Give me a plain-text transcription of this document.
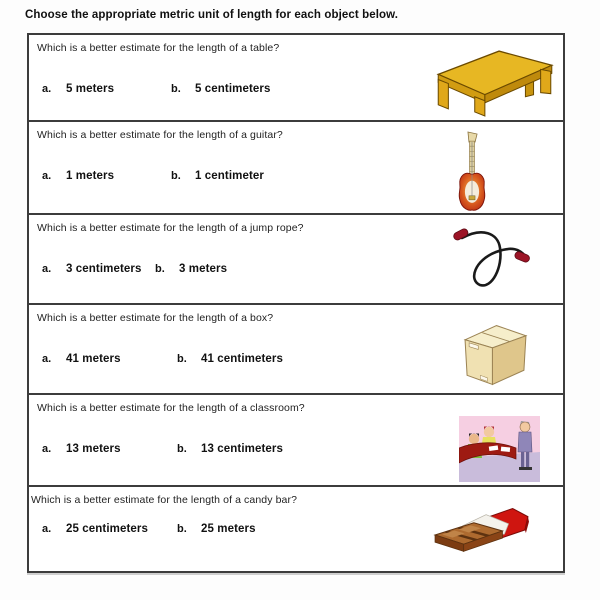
Choose the appropriate metric unit of length for each object below.
Which is a better estimate for the length of a table?
a. 5 meters	b. 5 centimeters
Which is a better estimate for the length of a guitar?
a. 1 meters	b. 1 centimeter
Which is a better estimate for the length of a jump rope?
a. 3 centimeters b. 3 meters
Which is a better estimate for the length of a box?
a. 41 meters	b. 41 centimeters
Which is a better estimate for the length of a classroom?
a. 13 meters	b. 13 centimeters
Which is a better estimate for the length of a candy bar?
a. 25 centimeters	b. 25 meters
